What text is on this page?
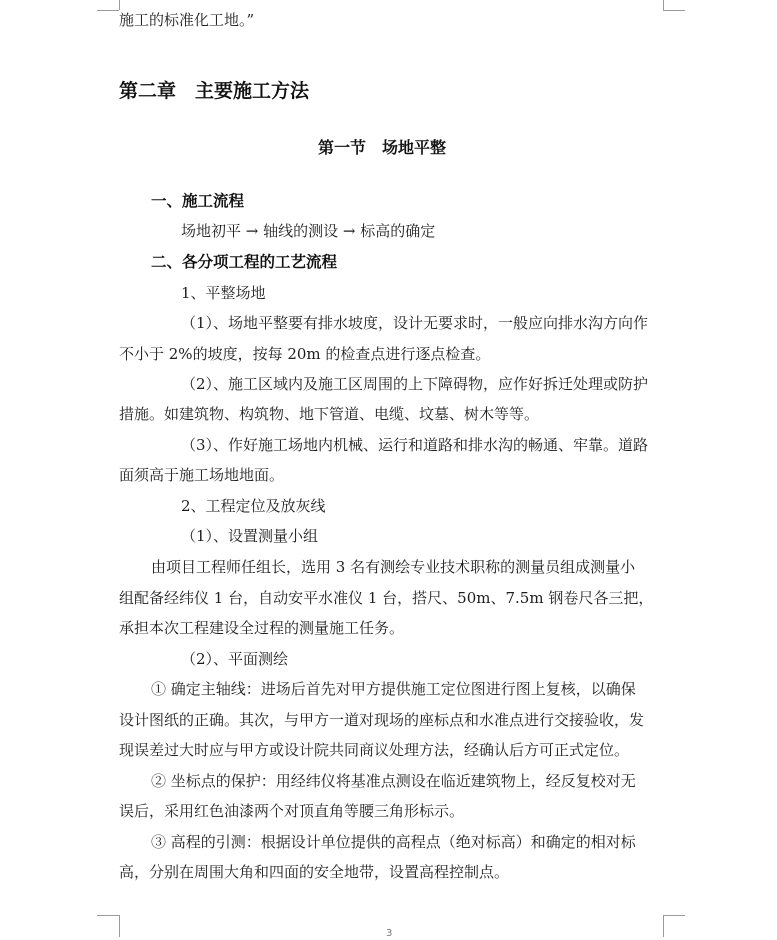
施工的标准化工地。”
第二章　主要施工方法
第一节　场地平整
一、施工流程
场地初平 → 轴线的测设 → 标高的确定
二、各分项工程的工艺流程
1、平整场地
（1）、场地平整要有排水坡度，设计无要求时，一般应向排水沟方向作
不小于 2%的坡度，按每 20m 的检查点进行逐点检查。
（2）、施工区域内及施工区周围的上下障碍物，应作好拆迁处理或防护
措施。如建筑物、构筑物、地下管道、电缆、坟墓、树木等等。
（3）、作好施工场地内机械、运行和道路和排水沟的畅通、牢靠。道路
面须高于施工场地地面。
2、工程定位及放灰线
（1）、设置测量小组
由项目工程师任组长，选用 3 名有测绘专业技术职称的测量员组成测量小
组配备经纬仪 1 台，自动安平水准仪 1 台，搭尺、50m、7.5m 钢卷尺各三把，
承担本次工程建设全过程的测量施工任务。
（2）、平面测绘
① 确定主轴线：进场后首先对甲方提供施工定位图进行图上复核，以确保
设计图纸的正确。其次，与甲方一道对现场的座标点和水准点进行交接验收，发
现误差过大时应与甲方或设计院共同商议处理方法，经确认后方可正式定位。
② 坐标点的保护：用经纬仪将基准点测设在临近建筑物上，经反复校对无
误后，采用红色油漆两个对顶直角等腰三角形标示。
③ 高程的引测：根据设计单位提供的高程点（绝对标高）和确定的相对标
高，分别在周围大角和四面的安全地带，设置高程控制点。
3
